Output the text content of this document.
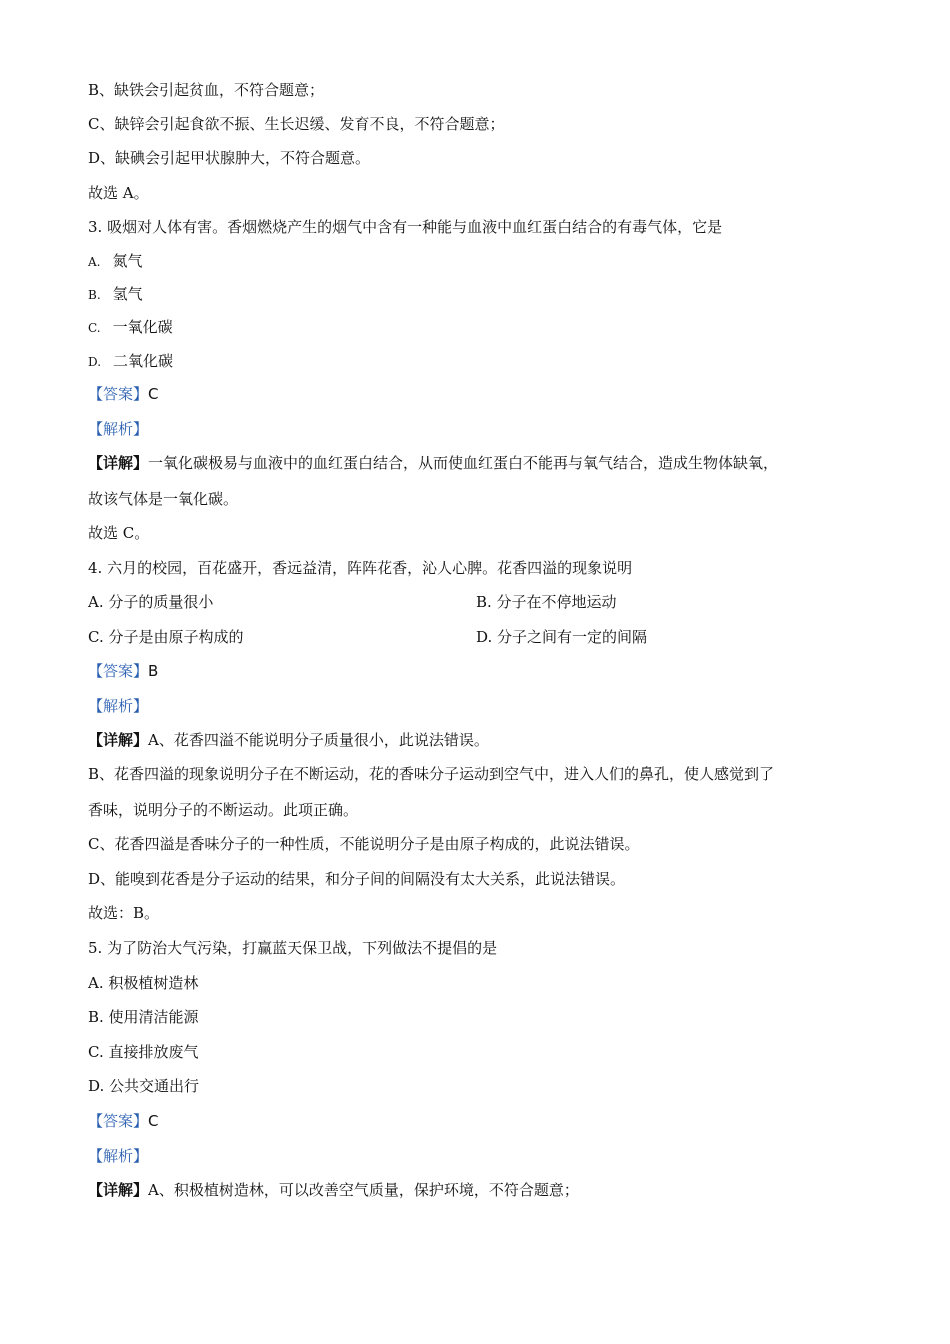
B、缺铁会引起贫血，不符合题意；
C、缺锌会引起食欲不振、生长迟缓、发育不良，不符合题意；
D、缺碘会引起甲状腺肿大，不符合题意。
故选 A。
3. 吸烟对人体有害。香烟燃烧产生的烟气中含有一种能与血液中血红蛋白结合的有毒气体，它是
A. 氮气
B. 氢气
C. 一氧化碳
D. 二氧化碳
【答案】C
【解析】
【详解】一氧化碳极易与血液中的血红蛋白结合，从而使血红蛋白不能再与氧气结合，造成生物体缺氧，
故该气体是一氧化碳。
故选 C。
4. 六月的校园，百花盛开，香远益清，阵阵花香，沁人心脾。花香四溢的现象说明
A. 分子的质量很小	B. 分子在不停地运动
C. 分子是由原子构成的	D. 分子之间有一定的间隔
【答案】B
【解析】
【详解】A、花香四溢不能说明分子质量很小，此说法错误。
B、花香四溢的现象说明分子在不断运动，花的香味分子运动到空气中，进入人们的鼻孔，使人感觉到了
香味，说明分子的不断运动。此项正确。
C、花香四溢是香味分子的一种性质，不能说明分子是由原子构成的，此说法错误。
D、能嗅到花香是分子运动的结果，和分子间的间隔没有太大关系，此说法错误。
故选：B。
5. 为了防治大气污染，打赢蓝天保卫战，下列做法不提倡的是
A. 积极植树造林
B. 使用清洁能源
C. 直接排放废气
D. 公共交通出行
【答案】C
【解析】
【详解】A、积极植树造林，可以改善空气质量，保护环境，不符合题意；
